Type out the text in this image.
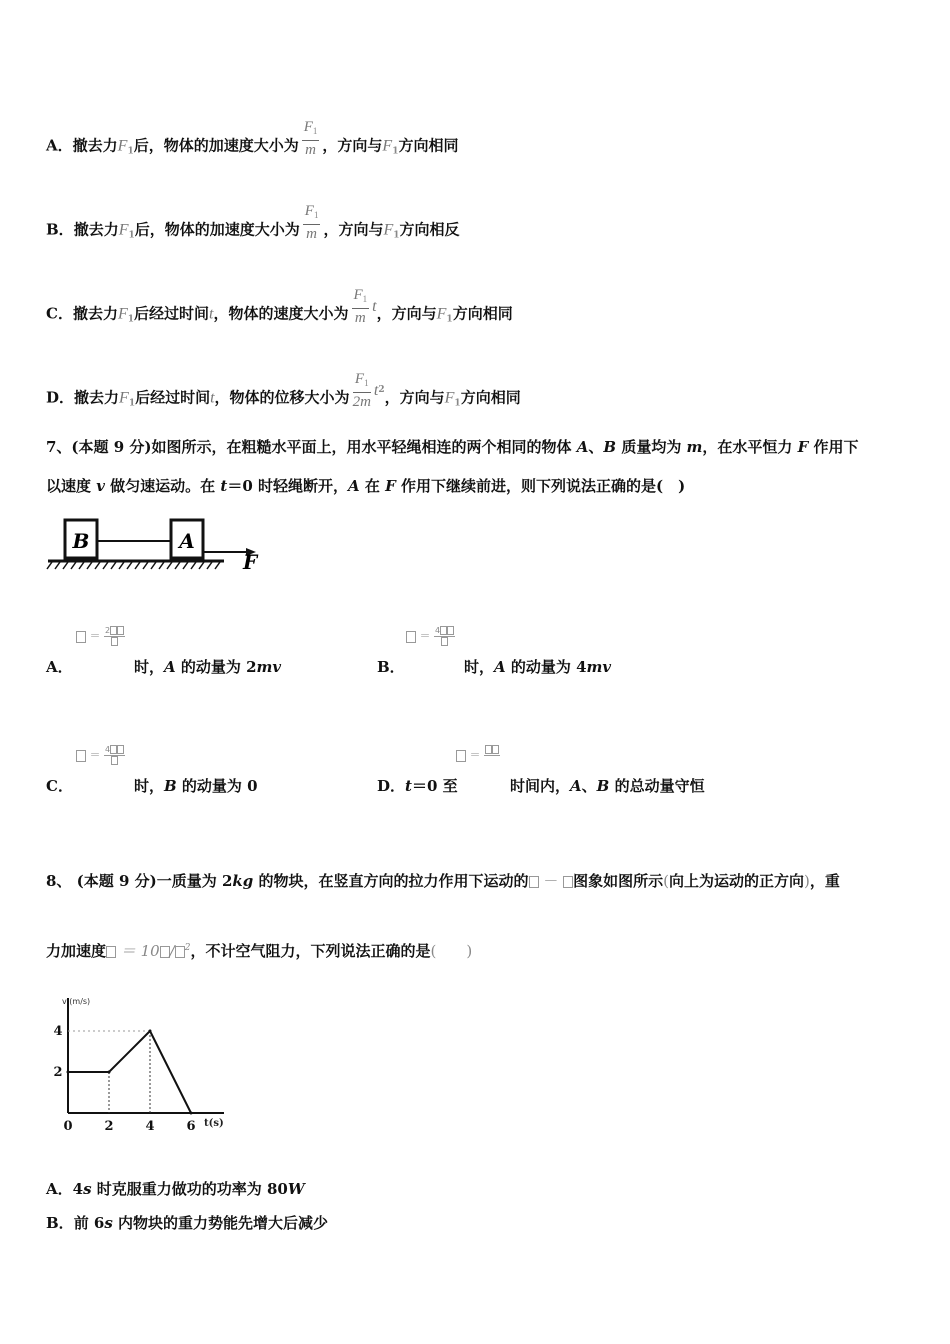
A．撤去力$F_1$后，物体的加速度大小为 $\frac{F_1}{m}$ ，方向与$F_1$方向相同
B．撤去力$F_1$后，物体的加速度大小为 $\frac{F_1}{m}$ ，方向与$F_1$方向相反
C．撤去力$F_1$后经过时间t，物体的速度大小为 $\frac{F_1}{m}$ t，方向与$F_1$方向相同
D．撤去力$F_1$后经过时间t，物体的位移大小为 $\frac{F_1}{2m} t^2$，方向与$F_1$方向相同
7、(本题 9 分)如图所示，在粗糙水平面上，用水平轻绳相连的两个相同的物体 A、B 质量均为 m，在水平恒力 F 作用下
以速度 v 做匀速运动。在 t＝0 时轻绳断开，A 在 F 作用下继续前进，则下列说法正确的是(　)
B	A
F
＝ 2
A．	时，A 的动量为 2mv
＝ 4
B．	时，A 的动量为 4mv
＝ 4
C．	时，B 的动量为 0
＝

D．t＝0 至	时间内，A、B 的总动量守恒
8、 (本题 9 分)一质量为 2kg 的物块，在竖直方向的拉力作用下运动的 － 图象如图所示(向上为运动的正方向)，重
力加速度 ＝ 10 / $^2$，不计空气阻力，下列说法正确的是(　　)
v (m/s)
t(s)
0 2 4 6
2
4
A．4s 时克服重力做功的功率为 80W
B．前 6s 内物块的重力势能先增大后减少
